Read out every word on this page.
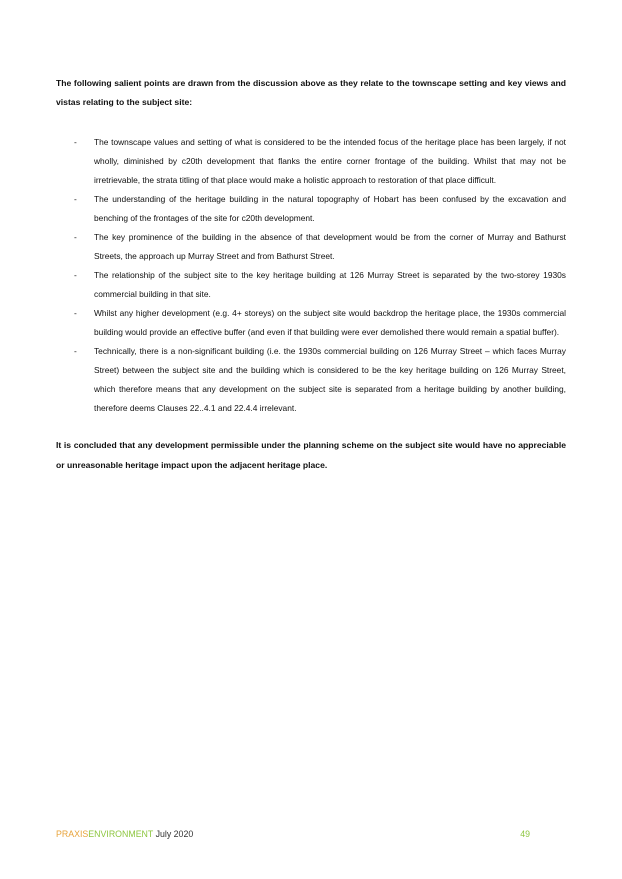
The following salient points are drawn from the discussion above as they relate to the townscape setting and key views and vistas relating to the subject site:

-	The townscape values and setting of what is considered to be the intended focus of the heritage place has been largely, if not wholly, diminished by c20th development that flanks the entire corner frontage of the building. Whilst that may not be irretrievable, the strata titling of that place would make a holistic approach to restoration of that place difficult.
-	The understanding of the heritage building in the natural topography of Hobart has been confused by the excavation and benching of the frontages of the site for c20th development.
-	The key prominence of the building in the absence of that development would be from the corner of Murray and Bathurst Streets, the approach up Murray Street and from Bathurst Street.
-	The relationship of the subject site to the key heritage building at 126 Murray Street is separated by the two-storey 1930s commercial building in that site.
-	Whilst any higher development (e.g. 4+ storeys) on the subject site would backdrop the heritage place, the 1930s commercial building would provide an effective buffer (and even if that building were ever demolished there would remain a spatial buffer).
-	Technically, there is a non-significant building (i.e. the 1930s commercial building on 126 Murray Street – which faces Murray Street) between the subject site and the building which is considered to be the key heritage building on 126 Murray Street, which therefore means that any development on the subject site is separated from a heritage building by another building, therefore deems Clauses 22..4.1 and 22.4.4 irrelevant.

It is concluded that any development permissible under the planning scheme on the subject site would have no appreciable or unreasonable heritage impact upon the adjacent heritage place.

PRAXISENVIRONMENT July 2020	49
